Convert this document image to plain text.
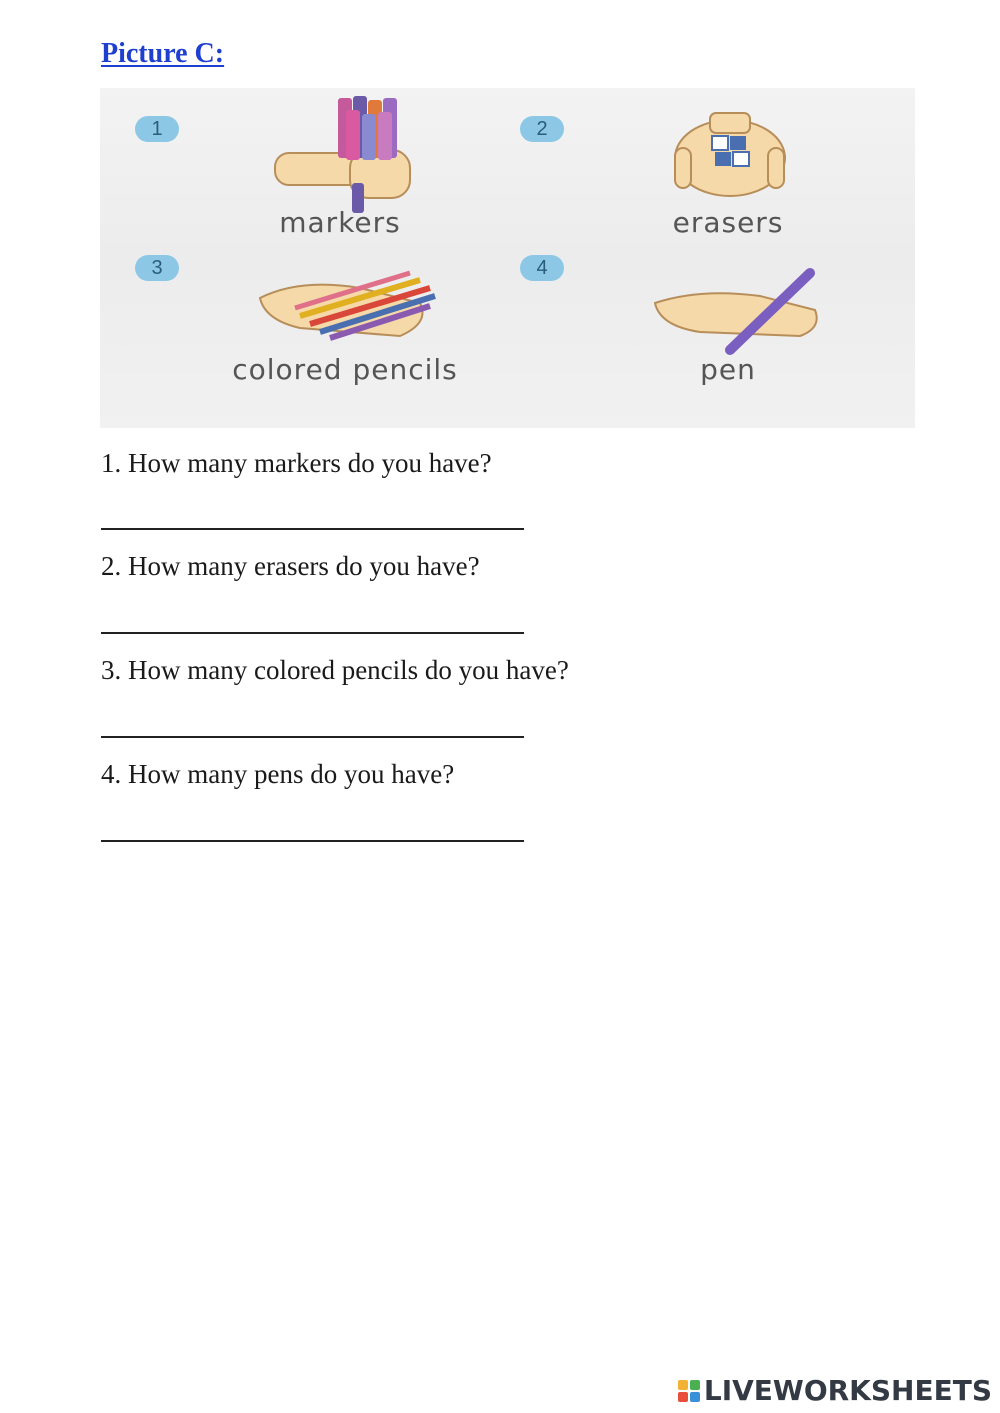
Picture C:
1	2
3	4
markers	erasers
colored pencils	pen
1. How many markers do you have?
2. How many erasers do you have?
3. How many colored pencils do you have?
4. How many pens do you have?
LIVEWORKSHEETS
